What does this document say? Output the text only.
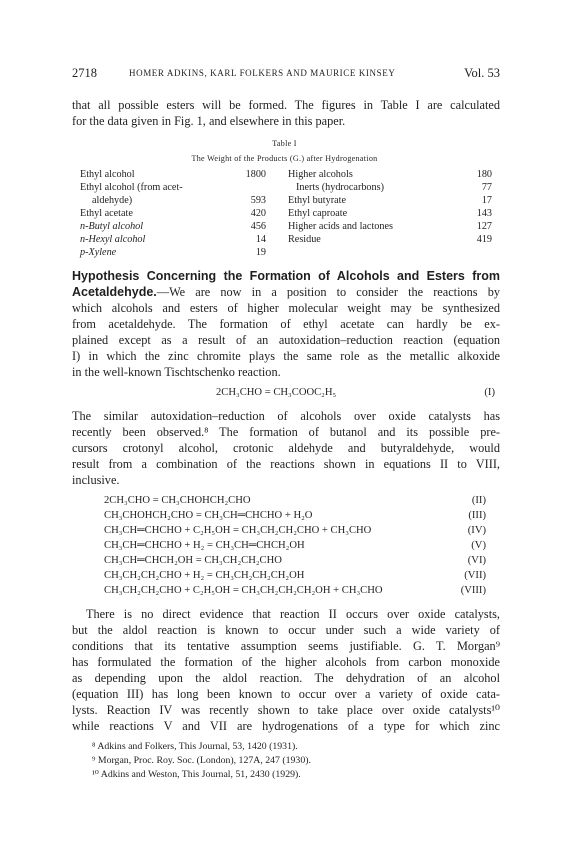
2718	HOMER ADKINS, KARL FOLKERS AND MAURICE KINSEY	Vol. 53
that all possible esters will be formed. The figures in Table I are calculated
for the data given in Fig. 1, and elsewhere in this paper.
Table I
The Weight of the Products (G.) after Hydrogenation
Ethyl alcohol	1800
Ethyl alcohol (from acet-
aldehyde)	593
Ethyl acetate	420
n-Butyl alcohol	456
n-Hexyl alcohol	14
p-Xylene	19
Higher alcohols	180
Inerts (hydrocarbons)	77
Ethyl butyrate	17
Ethyl caproate	143
Higher acids and lactones	127
Residue	419
Hypothesis Concerning the Formation of Alcohols and Esters from
Acetaldehyde.—We are now in a position to consider the reactions by
which alcohols and esters of higher molecular weight may be synthesized
from acetaldehyde. The formation of ethyl acetate can hardly be ex-
plained except as a result of an autoxidation–reduction reaction (equation
I) in which the zinc chromite plays the same role as the metallic alkoxide
in the well-known Tischtschenko reaction.
2CH₃CHO = CH₃COOC₂H₅	(I)
The similar autoxidation–reduction of alcohols over oxide catalysts has
recently been observed.⁸ The formation of butanol and its possible pre-
cursors crotonyl alcohol, crotonic aldehyde and butyraldehyde, would
result from a combination of the reactions shown in equations II to VIII,
inclusive.
2CH₃CHO = CH₃CHOHCH₂CHO	(II)
CH₃CHOHCH₂CHO = CH₃CH═CHCHO + H₂O	(III)
CH₃CH═CHCHO + C₂H₅OH = CH₃CH₂CH₂CHO + CH₃CHO	(IV)
CH₃CH═CHCHO + H₂ = CH₃CH═CHCH₂OH	(V)
CH₃CH═CHCH₂OH = CH₃CH₂CH₂CHO	(VI)
CH₃CH₂CH₂CHO + H₂ = CH₃CH₂CH₂CH₂OH	(VII)
CH₃CH₂CH₂CHO + C₂H₅OH = CH₃CH₂CH₂CH₂OH + CH₃CHO	(VIII)
There is no direct evidence that reaction II occurs over oxide catalysts,
but the aldol reaction is known to occur under such a wide variety of
conditions that its tentative assumption seems justifiable. G. T. Morgan⁹
has formulated the formation of the higher alcohols from carbon monoxide
as depending upon the aldol reaction. The dehydration of an alcohol
(equation III) has long been known to occur over a variety of oxide cata-
lysts. Reaction IV was recently shown to take place over oxide catalysts¹⁰
while reactions V and VII are hydrogenations of a type for which zinc
⁸ Adkins and Folkers, This Journal, 53, 1420 (1931).
⁹ Morgan, Proc. Roy. Soc. (London), 127A, 247 (1930).
¹⁰ Adkins and Weston, This Journal, 51, 2430 (1929).
